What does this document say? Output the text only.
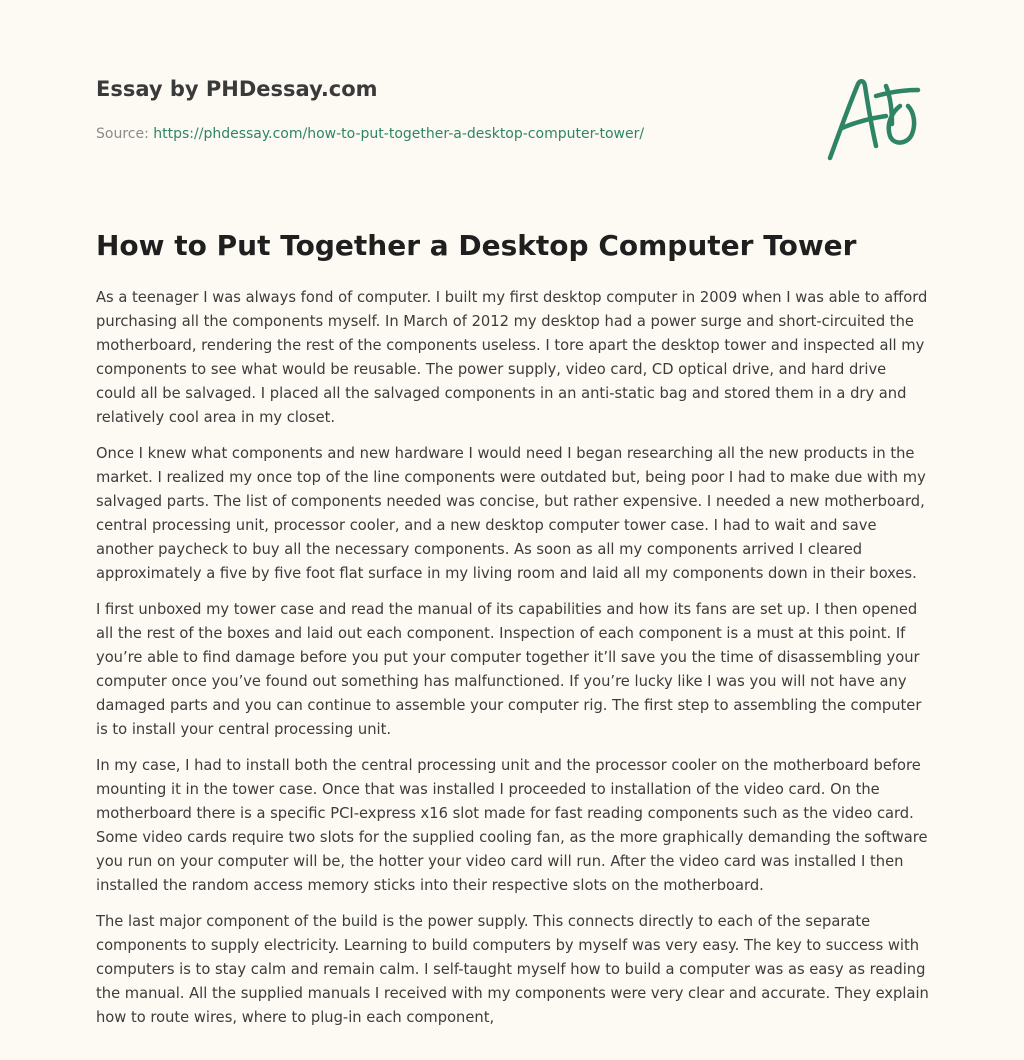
Essay by PHDessay.com
Source: https://phdessay.com/how-to-put-together-a-desktop-computer-tower/
How to Put Together a Desktop Computer Tower

As a teenager I was always fond of computer. I built my first desktop computer in 2009 when I was able to afford purchasing all the components myself. In March of 2012 my desktop had a power surge and short-circuited the motherboard, rendering the rest of the components useless. I tore apart the desktop tower and inspected all my components to see what would be reusable. The power supply, video card, CD optical drive, and hard drive could all be salvaged. I placed all the salvaged components in an anti-static bag and stored them in a dry and relatively cool area in my closet.

Once I knew what components and new hardware I would need I began researching all the new products in the market. I realized my once top of the line components were outdated but, being poor I had to make due with my salvaged parts. The list of components needed was concise, but rather expensive. I needed a new motherboard, central processing unit, processor cooler, and a new desktop computer tower case. I had to wait and save another paycheck to buy all the necessary components. As soon as all my components arrived I cleared approximately a five by five foot flat surface in my living room and laid all my components down in their boxes.

I first unboxed my tower case and read the manual of its capabilities and how its fans are set up. I then opened all the rest of the boxes and laid out each component. Inspection of each component is a must at this point. If you’re able to find damage before you put your computer together it’ll save you the time of disassembling your computer once you’ve found out something has malfunctioned. If you’re lucky like I was you will not have any damaged parts and you can continue to assemble your computer rig. The first step to assembling the computer is to install your central processing unit.

In my case, I had to install both the central processing unit and the processor cooler on the motherboard before mounting it in the tower case. Once that was installed I proceeded to installation of the video card. On the motherboard there is a specific PCI-express x16 slot made for fast reading components such as the video card. Some video cards require two slots for the supplied cooling fan, as the more graphically demanding the software you run on your computer will be, the hotter your video card will run. After the video card was installed I then installed the random access memory sticks into their respective slots on the motherboard.

The last major component of the build is the power supply. This connects directly to each of the separate components to supply electricity. Learning to build computers by myself was very easy. The key to success with computers is to stay calm and remain calm. I self-taught myself how to build a computer was as easy as reading the manual. All the supplied manuals I received with my components were very clear and accurate. They explain how to route wires, where to plug-in each component,
